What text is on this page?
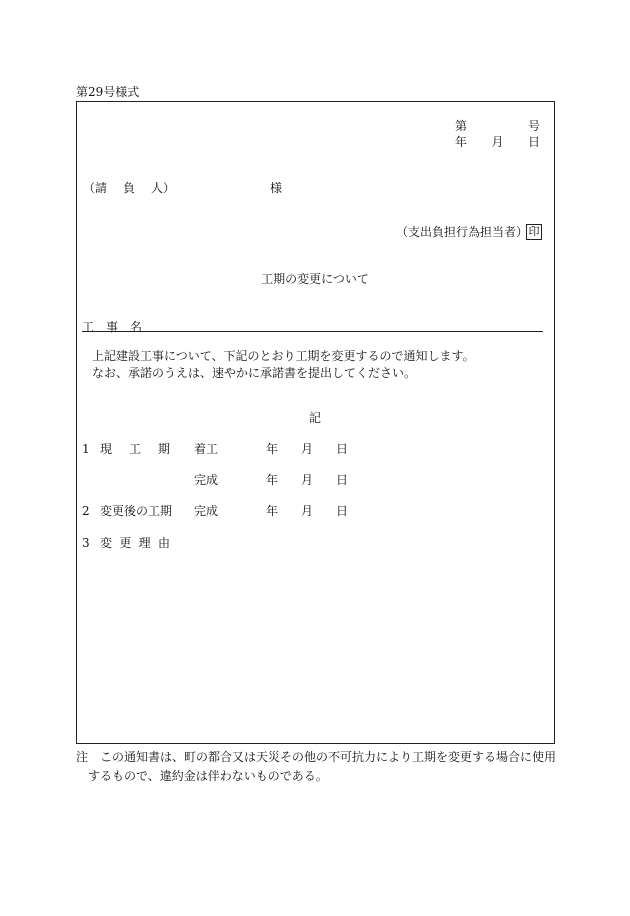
第29号様式
第	号
年 月 日
（請 負 人）	様
（支出負担行為担当者） 印
工期の変更について
工 事 名
上記建設工事について、下記のとおり工期を変更するので通知します。
なお、承諾のうえは、速やかに承諾書を提出してください。
記
1 現 工 期 着工	年 月 日
完成	年 月 日
2 変更後の工期 完成	年 月 日
3 変 更 理 由
注　この通知書は、町の都合又は天災その他の不可抗力により工期を変更する場合に使用
するもので、違約金は伴わないものである。
